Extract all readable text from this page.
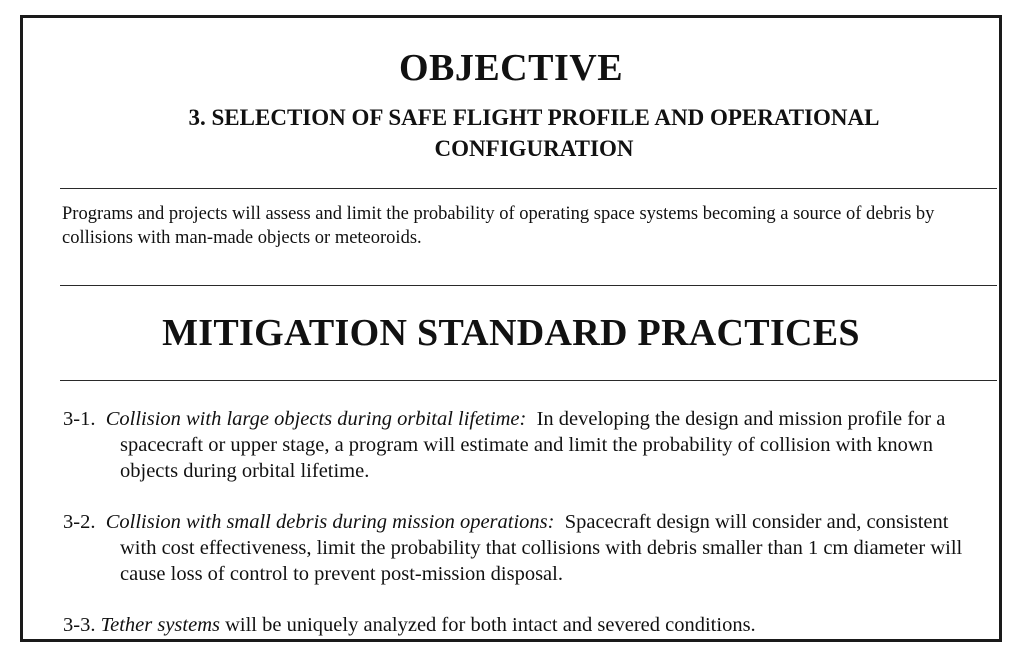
OBJECTIVE
3. SELECTION OF SAFE FLIGHT PROFILE AND OPERATIONAL CONFIGURATION
Programs and projects will assess and limit the probability of operating space systems becoming a source of debris by collisions with man-made objects or meteoroids.
MITIGATION STANDARD PRACTICES
3-1. Collision with large objects during orbital lifetime: In developing the design and mission profile for a spacecraft or upper stage, a program will estimate and limit the probability of collision with known objects during orbital lifetime.
3-2. Collision with small debris during mission operations: Spacecraft design will consider and, consistent with cost effectiveness, limit the probability that collisions with debris smaller than 1 cm diameter will cause loss of control to prevent post-mission disposal.
3-3. Tether systems will be uniquely analyzed for both intact and severed conditions.
